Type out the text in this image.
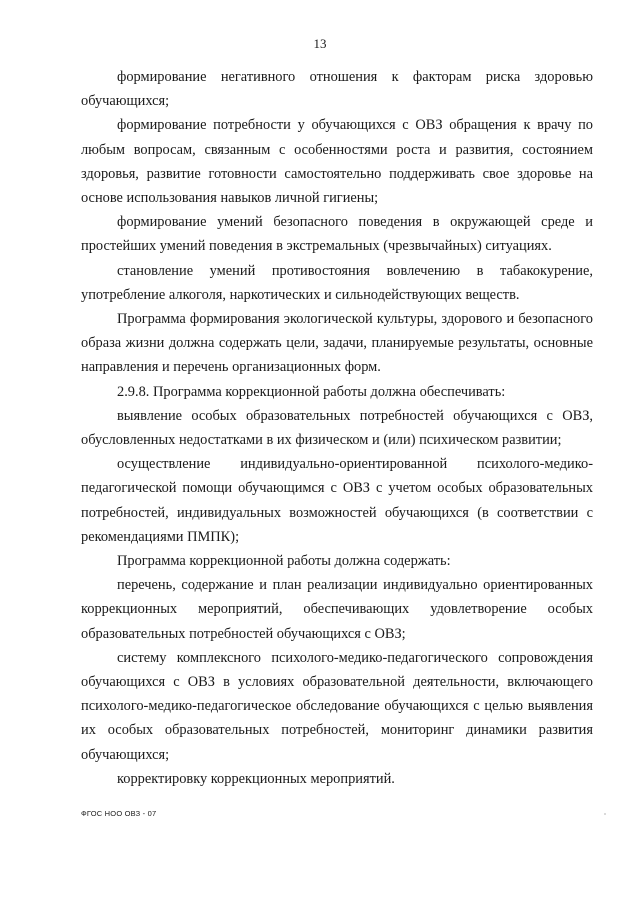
13

формирование негативного отношения к факторам риска здоровью обучающихся;

формирование потребности у обучающихся с ОВЗ обращения к врачу по любым вопросам, связанным с особенностями роста и развития, состоянием здоровья, развитие готовности самостоятельно поддерживать свое здоровье на основе использования навыков личной гигиены;

формирование умений безопасного поведения в окружающей среде и простейших умений поведения в экстремальных (чрезвычайных) ситуациях.

становление умений противостояния вовлечению в табакокурение, употребление алкоголя, наркотических и сильнодействующих веществ.

Программа формирования экологической культуры, здорового и безопасного образа жизни должна содержать цели, задачи, планируемые результаты, основные направления и перечень организационных форм.

2.9.8. Программа коррекционной работы должна обеспечивать:

выявление особых образовательных потребностей обучающихся с ОВЗ, обусловленных недостатками в их физическом и (или) психическом развитии;

осуществление индивидуально-ориентированной психолого-медико-педагогической помощи обучающимся с ОВЗ с учетом особых образовательных потребностей, индивидуальных возможностей обучающихся (в соответствии с рекомендациями ПМПК);

Программа коррекционной работы должна содержать:

перечень, содержание и план реализации индивидуально ориентированных коррекционных мероприятий, обеспечивающих удовлетворение особых образовательных потребностей обучающихся с ОВЗ;

систему комплексного психолого-медико-педагогического сопровождения обучающихся с ОВЗ в условиях образовательной деятельности, включающего психолого-медико-педагогическое обследование обучающихся с целью выявления их особых образовательных потребностей, мониторинг динамики развития обучающихся;

корректировку коррекционных мероприятий.

ФГОС НОО ОВЗ - 07
